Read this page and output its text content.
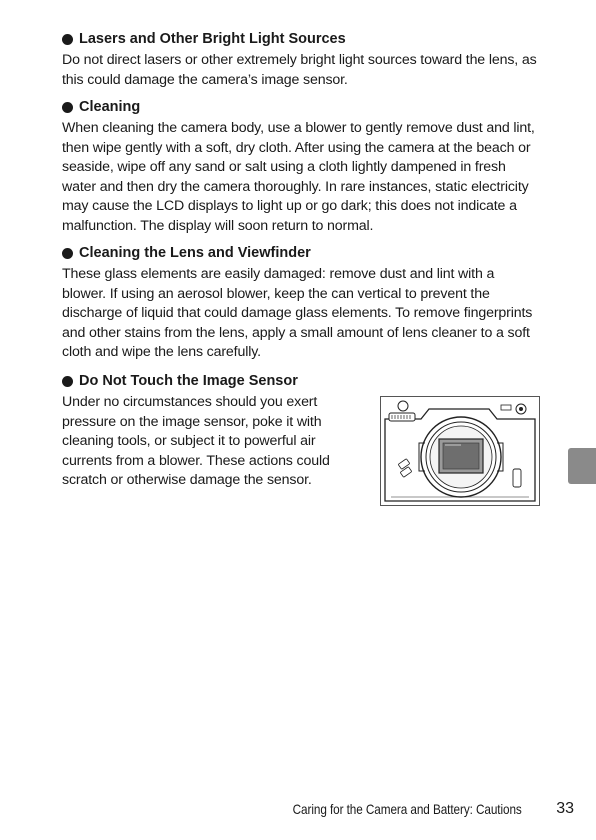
Lasers and Other Bright Light Sources

Do not direct lasers or other extremely bright light sources toward the lens, as this could damage the camera’s image sensor.

Cleaning

When cleaning the camera body, use a blower to gently remove dust and lint, then wipe gently with a soft, dry cloth. After using the camera at the beach or seaside, wipe off any sand or salt using a cloth lightly dampened in fresh water and then dry the camera thoroughly. In rare instances, static electricity may cause the LCD displays to light up or go dark; this does not indicate a malfunction. The display will soon return to normal.

Cleaning the Lens and Viewfinder

These glass elements are easily damaged: remove dust and lint with a blower. If using an aerosol blower, keep the can vertical to prevent the discharge of liquid that could damage glass elements. To remove fingerprints and other stains from the lens, apply a small amount of lens cleaner to a soft cloth and wipe the lens carefully.

Do Not Touch the Image Sensor

Under no circumstances should you exert pressure on the image sensor, poke it with cleaning tools, or subject it to powerful air currents from a blower. These actions could scratch or otherwise damage the sensor.

Caring for the Camera and Battery: Cautions 33
